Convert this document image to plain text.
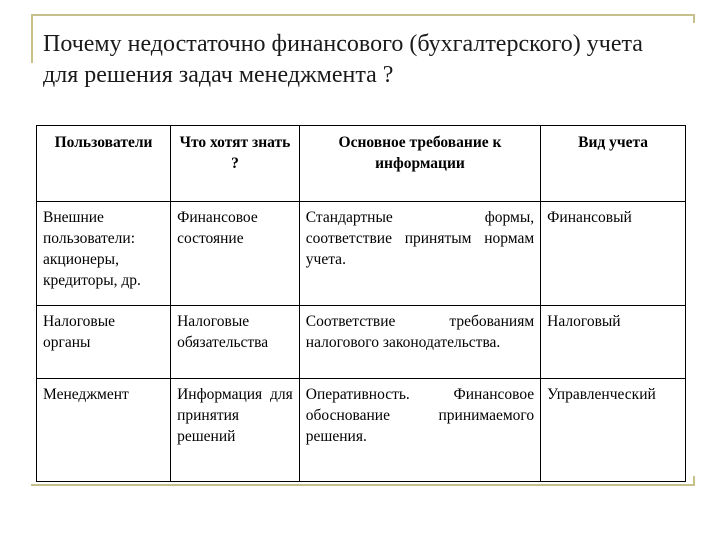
Почему недостаточно финансового (бухгалтерского) учета для решения задач менеджмента ?
Пользователи	Что хотят знать ?	Основное требование к информации	Вид учета
Внешние пользователи: акционеры, кредиторы, др.	Финансовое состояние	Стандартные формы, соответствие принятым нормам учета.	Финансовый
Налоговые органы	Налоговые обязательства	Соответствие требованиям налогового законодательства.	Налоговый
Менеджмент	Информация для принятия решений	Оперативность. Финансовое обоснование принимаемого решения.	Управленческий
